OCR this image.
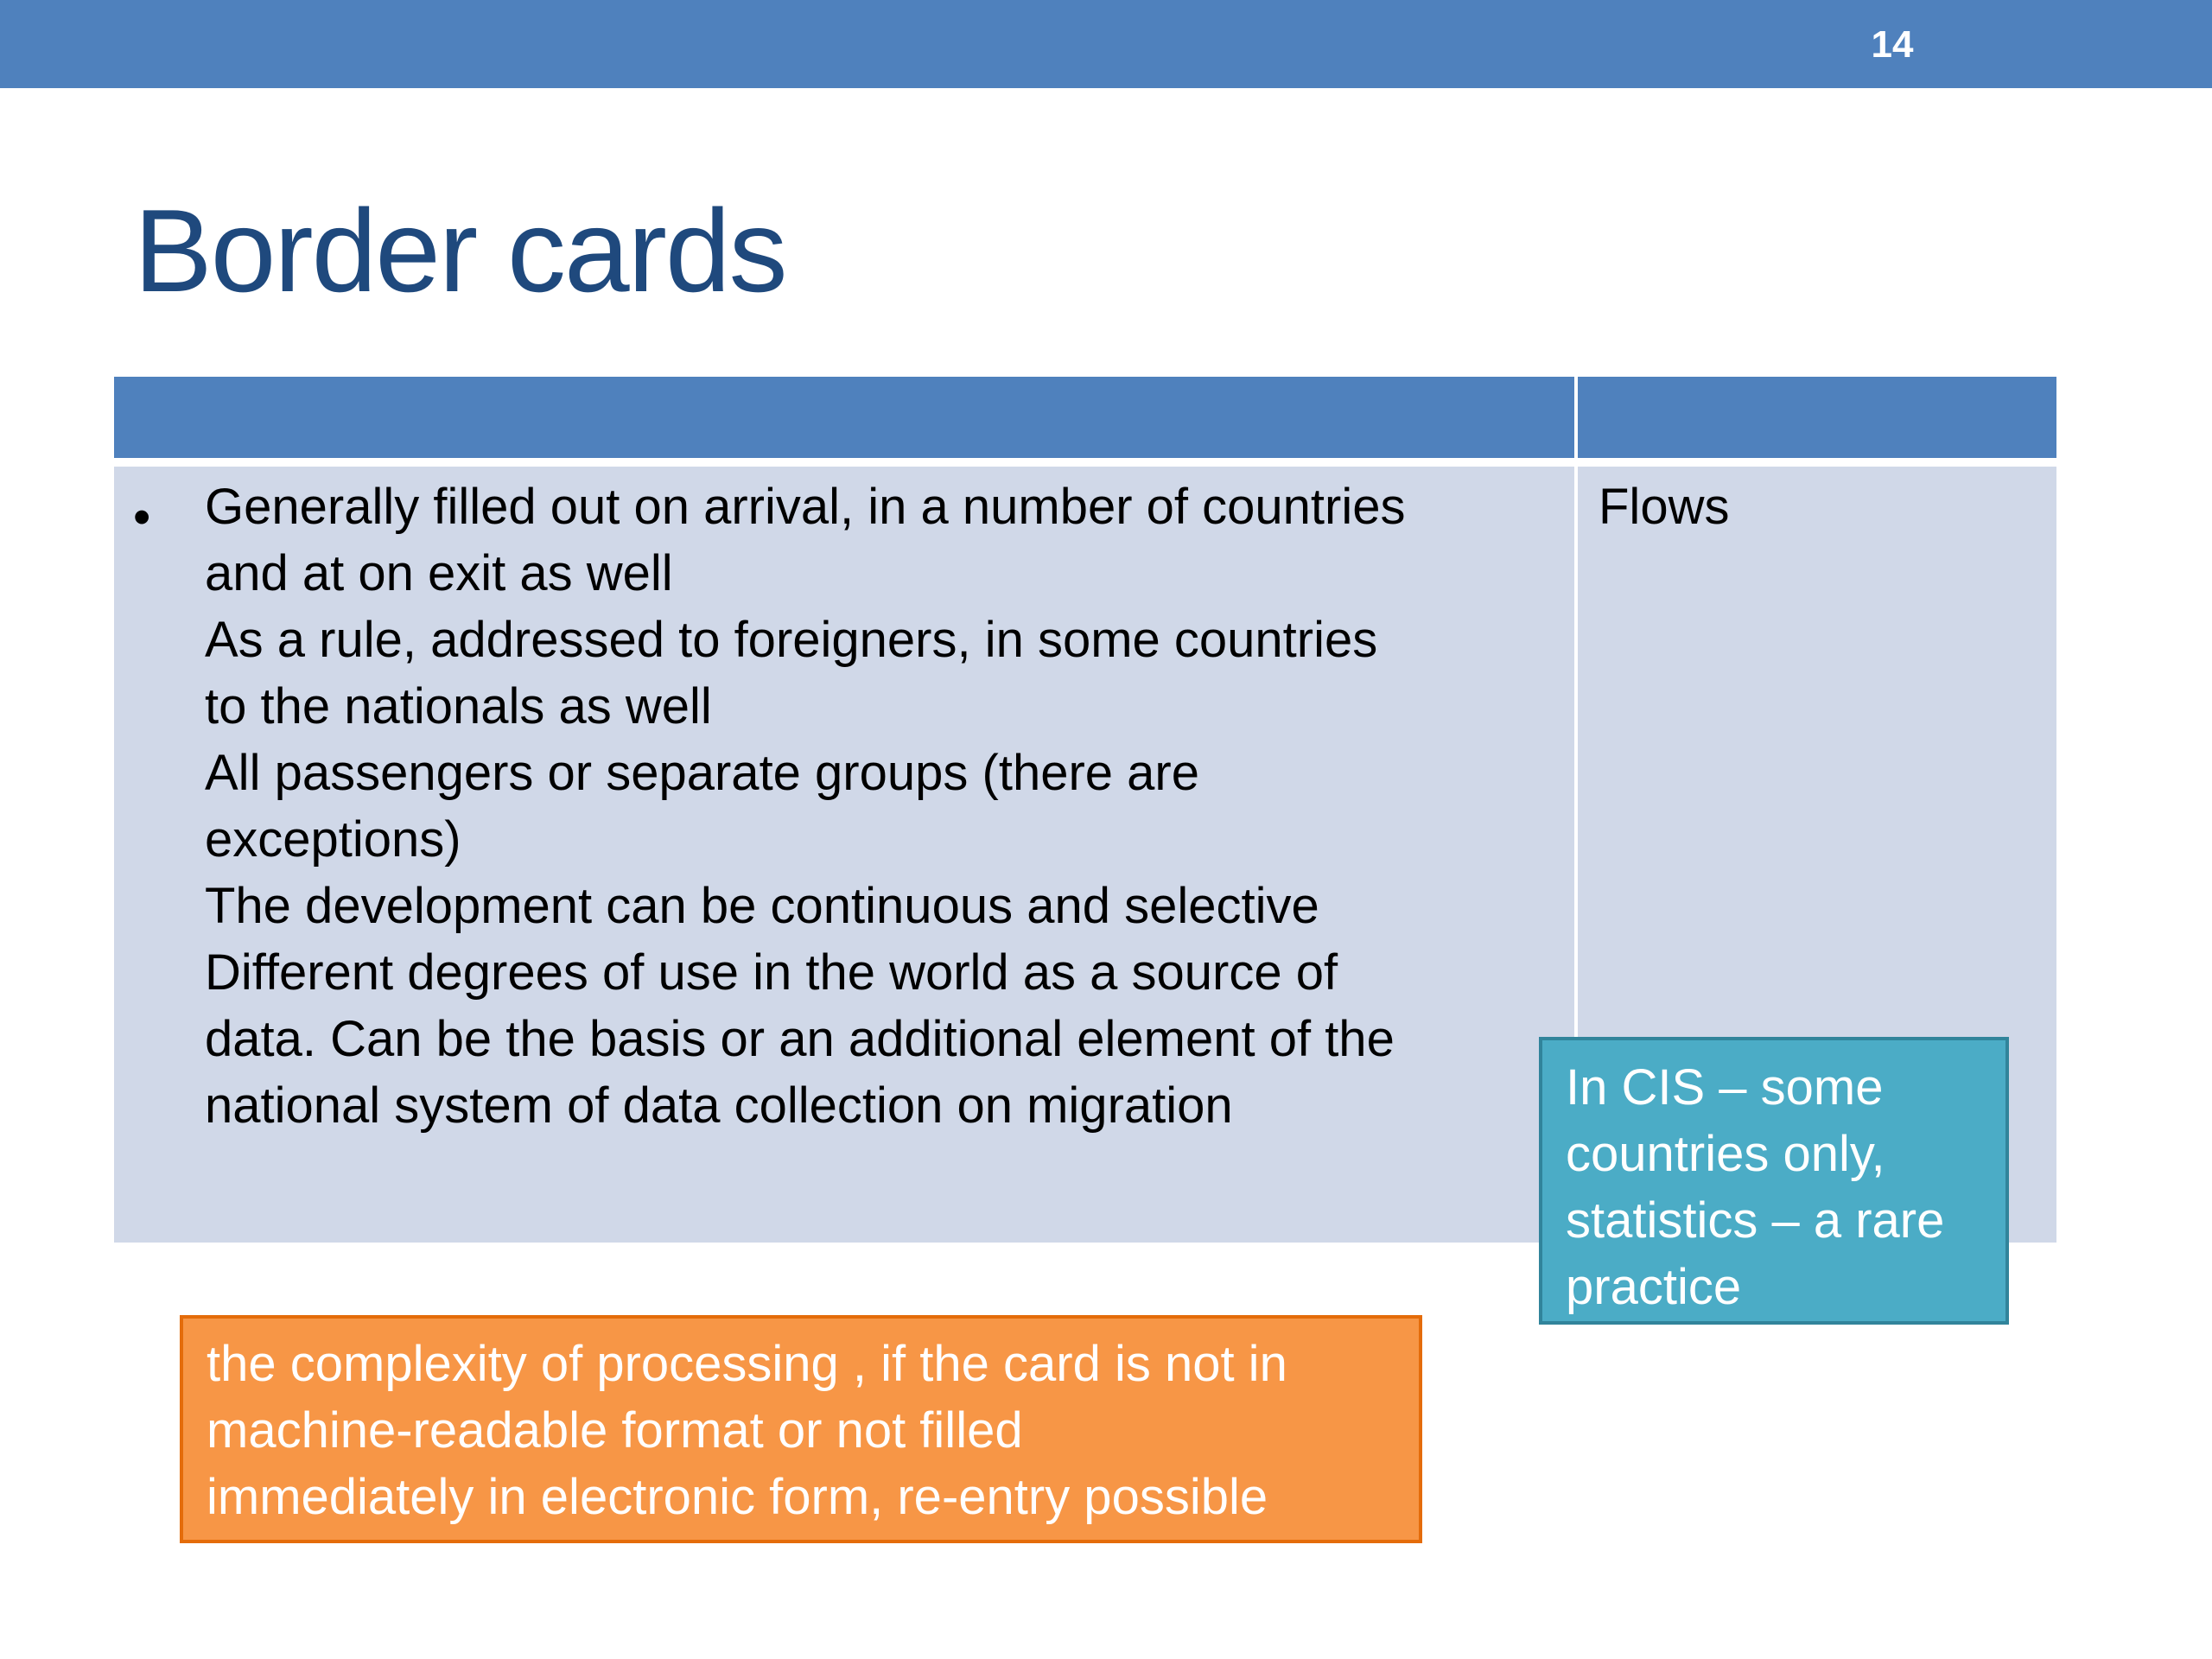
14
Border cards
• Generally filled out on arrival, in a number of countries
and at on exit as well
As a rule, addressed to foreigners, in some countries
to the nationals as well
All passengers or separate groups (there are
exceptions)
The development can be continuous and selective
Different degrees of use in the world as a source of
data. Can be the basis or an additional element of the
national system of data collection on migration
Flows
In CIS – some
countries only,
statistics – a rare
practice
the complexity of processing , if the card is not in
machine-readable format or not filled
immediately in electronic form, re-entry possible
